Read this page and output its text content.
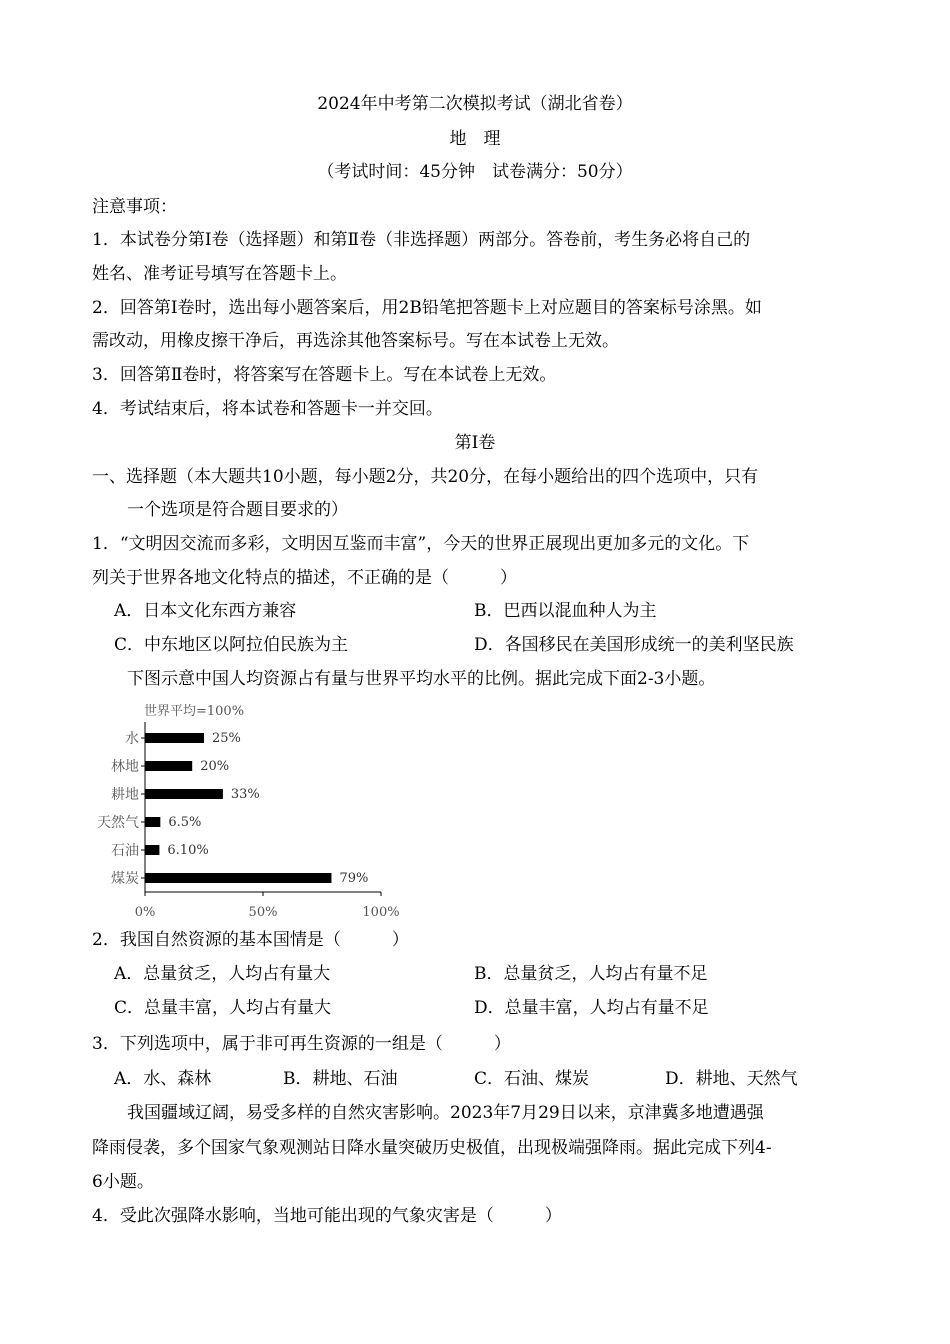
2024年中考第二次模拟考试（湖北省卷）
地　理
（考试时间：45分钟　试卷满分：50分）
注意事项：
1．本试卷分第Ⅰ卷（选择题）和第Ⅱ卷（非选择题）两部分。答卷前，考生务必将自己的
姓名、准考证号填写在答题卡上。
2．回答第Ⅰ卷时，选出每小题答案后，用2B铅笔把答题卡上对应题目的答案标号涂黑。如
需改动，用橡皮擦干净后，再选涂其他答案标号。写在本试卷上无效。
3．回答第Ⅱ卷时，将答案写在答题卡上。写在本试卷上无效。
4．考试结束后，将本试卷和答题卡一并交回。
第Ⅰ卷
一、选择题（本大题共10小题，每小题2分，共20分，在每小题给出的四个选项中，只有
一个选项是符合题目要求的）
1．“文明因交流而多彩，文明因互鉴而丰富”，今天的世界正展现出更加多元的文化。下
列关于世界各地文化特点的描述，不正确的是（　　　）
A．日本文化东西方兼容	B．巴西以混血种人为主
C．中东地区以阿拉伯民族为主	D．各国移民在美国形成统一的美利坚民族
下图示意中国人均资源占有量与世界平均水平的比例。据此完成下面2-3小题。
世界平均=100%
水	25%
林地	20%
耕地	33%
天然气 6.5%
石油 6.10%
煤炭	79%
0%	50%	100%
2．我国自然资源的基本国情是（　　　）
A．总量贫乏，人均占有量大	B．总量贫乏，人均占有量不足
C．总量丰富，人均占有量大	D．总量丰富，人均占有量不足
3．下列选项中，属于非可再生资源的一组是（　　　）
A．水、森林	B．耕地、石油	C．石油、煤炭	D．耕地、天然气
我国疆域辽阔，易受多样的自然灾害影响。2023年7月29日以来，京津冀多地遭遇强
降雨侵袭，多个国家气象观测站日降水量突破历史极值，出现极端强降雨。据此完成下列4-
6小题。
4．受此次强降水影响，当地可能出现的气象灾害是（　　　）
